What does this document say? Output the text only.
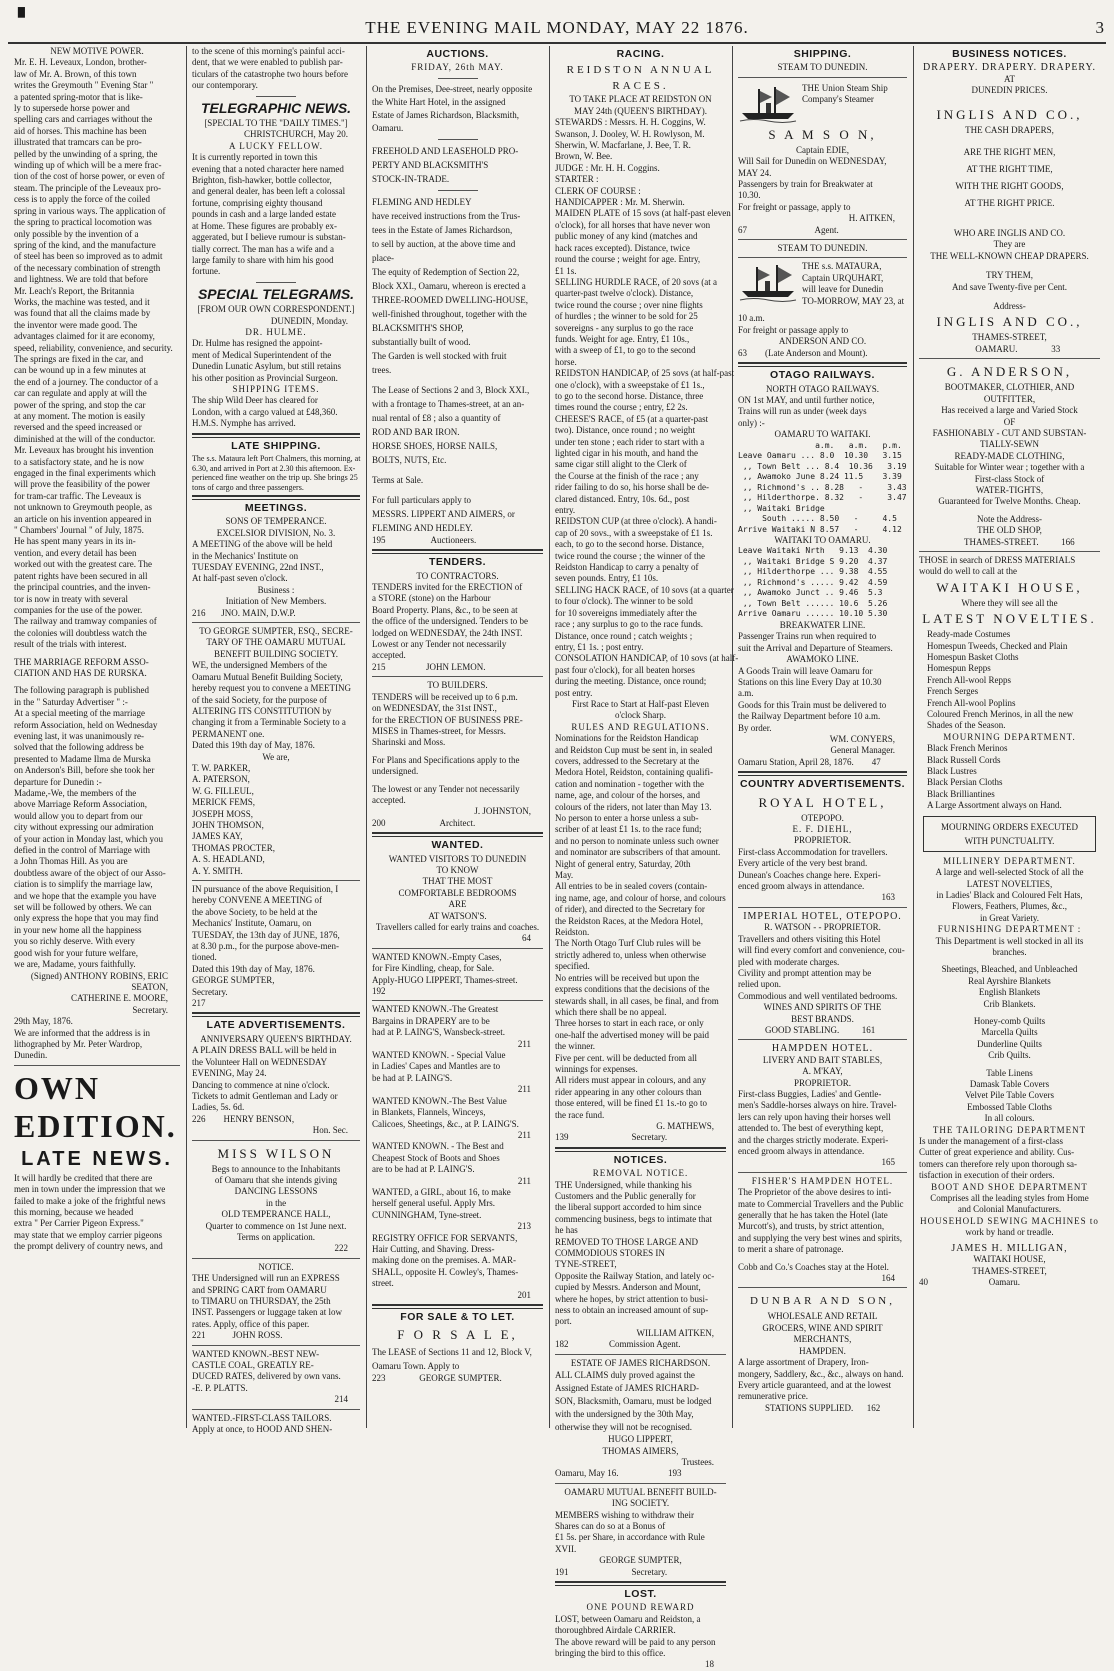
▘	THE EVENING MAIL MONDAY, MAY 22 1876.	3
NEW MOTIVE POWER.
Mr. E. H. Leveaux, London, brother-
law of Mr. A. Brown, of this town
writes the Greymouth " Evening Star "
a patented spring-motor that is like-
ly to supersede horse power and
spelling cars and carriages without the
aid of horses. This machine has been
illustrated that tramcars can be pro-
pelled by the unwinding of a spring, the
winding up of which will be a mere frac-
tion of the cost of horse power, or even of
steam. The principle of the Leveaux pro-
cess is to apply the force of the coiled
spring in various ways. The application of
the spring to practical locomotion was
only possible by the invention of a
spring of the kind, and the manufacture
of steel has been so improved as to admit
of the necessary combination of strength
and lightness. We are told that before
Mr. Leach's Report, the Britannia
Works, the machine was tested, and it
was found that all the claims made by
the inventor were made good. The
advantages claimed for it are economy,
speed, reliability, convenience, and security.
The springs are fixed in the car, and
can be wound up in a few minutes at
the end of a journey. The conductor of a
car can regulate and apply at will the
power of the spring, and stop the car
at any moment. The motion is easily
reversed and the speed increased or
diminished at the will of the conductor.
Mr. Leveaux has brought his invention
to a satisfactory state, and he is now
engaged in the final experiments which
will prove the feasibility of the power
for tram-car traffic. The Leveaux is
not unknown to Greymouth people, as
an article on his invention appeared in
" Chambers' Journal " of July, 1875.
He has spent many years in its in-
vention, and every detail has been
worked out with the greatest care. The
patent rights have been secured in all
the principal countries, and the inven-
tor is now in treaty with several
companies for the use of the power.
The railway and tramway companies of
the colonies will doubtless watch the
result of the trials with interest.
THE MARRIAGE REFORM ASSO-
CIATION AND HAS DE RURSKA.
The following paragraph is published
in the " Saturday Advertiser " :-
At a special meeting of the marriage
reform Association, held on Wednesday
evening last, it was unanimously re-
solved that the following address be
presented to Madame Ilma de Murska
on Anderson's Bill, before she took her
departure for Dunedin :-
Madame,-We, the members of the
above Marriage Reform Association,
would allow you to depart from our
city without expressing our admiration
of your action in Monday last, which you
defied in the control of Marriage with
a John Thomas Hill. As you are
doubtless aware of the object of our Asso-
ciation is to simplify the marriage law,
and we hope that the example you have
set will be followed by others. We can
only express the hope that you may find
in your new home all the happiness
you so richly deserve. With every
good wish for your future welfare,
we are, Madame, yours faithfully.
(Signed) ANTHONY ROBINS, ERIC SEATON,
CATHERINE E. MOORE,
Secretary.
29th May, 1876.
We are informed that the address is in
lithographed by Mr. Peter Wardrop,
Dunedin.
OWN EDITION.
LATE NEWS.
It will hardly be credited that there are
men in town under the impression that we
failed to make a joke of the frightful news
this morning, because we headed
extra " Per Carrier Pigeon Express."
may state that we employ carrier pigeons
the prompt delivery of country news, and
to the scene of this morning's painful acci-
dent, that we were enabled to publish par-
ticulars of the catastrophe two hours before
our contemporary.
TELEGRAPHIC NEWS.
[SPECIAL TO THE "DAILY TIMES."]
CHRISTCHURCH, May 20.
A LUCKY FELLOW.
It is currently reported in town this
evening that a noted character here named
Brighton, fish-hawker, bottle collector,
and general dealer, has been left a colossal
fortune, comprising eighty thousand
pounds in cash and a large landed estate
at Home. These figures are probably ex-
aggerated, but I believe rumour is substan-
tially correct. The man has a wife and a
large family to share with him his good
fortune.
SPECIAL TELEGRAMS.
[FROM OUR OWN CORRESPONDENT.]
DUNEDIN, Monday.
DR. HULME.
Dr. Hulme has resigned the appoint-
ment of Medical Superintendent of the
Dunedin Lunatic Asylum, but still retains
his other position as Provincial Surgeon.
SHIPPING ITEMS.
The ship Wild Deer has cleared for
London, with a cargo valued at £48,360.
H.M.S. Nymphe has arrived.
LATE SHIPPING.
The s.s. Mataura left Port Chalmers, this morning, at
6.30, and arrived in Port at 2.30 this afternoon. Ex-
perienced fine weather on the trip up. She brings 25
tons of cargo and three passengers.
MEETINGS.
SONS OF TEMPERANCE.
EXCELSIOR DIVISION, No. 3.
A MEETING of the above will be held
in the Mechanics' Institute on
TUESDAY EVENING, 22nd INST.,
At half-past seven o'clock.
Business :
Initiation of New Members.
216 JNO. MAIN, D.W.P.
TO GEORGE SUMPTER, ESQ., SECRE-
TARY OF THE OAMARU MUTUAL
BENEFIT BUILDING SOCIETY.
WE, the undersigned Members of the
Oamaru Mutual Benefit Building Society,
hereby request you to convene a MEETING
of the said Society, for the purpose of
ALTERING ITS CONSTITUTION by
changing it from a Terminable Society to a
PERMANENT one.
Dated this 19th day of May, 1876.
We are,
T. W. PARKER,
A. PATERSON,
W. G. FILLEUL,
MERICK FEMS,
JOSEPH MOSS,
JOHN THOMSON,
JAMES KAY,
THOMAS PROCTER,
A. S. HEADLAND,
A. Y. SMITH.
IN pursuance of the above Requisition, I
hereby CONVENE A MEETING of
the above Society, to be held at the
Mechanics' Institute, Oamaru, on
TUESDAY, the 13th day of JUNE, 1876,
at 8.30 p.m., for the purpose above-men-
tioned.
Dated this 19th day of May, 1876.
GEORGE SUMPTER,
Secretary.
217
LATE ADVERTISEMENTS.
ANNIVERSARY QUEEN'S BIRTHDAY.
A PLAIN DRESS BALL will be held in
the Volunteer Hall on WEDNESDAY
EVENING, May 24.
Dancing to commence at nine o'clock.
Tickets to admit Gentleman and Lady or
Ladies, 5s. 6d.
226 HENRY BENSON,
Hon. Sec.
MISS WILSON
Begs to announce to the Inhabitants
of Oamaru that she intends giving
DANCING LESSONS
in the
OLD TEMPERANCE HALL,
Quarter to commence on 1st June next.
Terms on application.
222
NOTICE.
THE Undersigned will run an EXPRESS
and SPRING CART from OAMARU
to TIMARU on THURSDAY, the 25th
INST. Passengers or luggage taken at low
rates. Apply, office of this paper.
221	JOHN ROSS.
WANTED KNOWN.-BEST NEW-
CASTLE COAL, GREATLY RE-
DUCED RATES, delivered by own vans.
-E. P. PLATTS.
214
WANTED.-FIRST-CLASS TAILORS.
Apply at once, to HOOD AND SHEN-
AUCTIONS.
FRIDAY, 26th MAY.
On the Premises, Dee-street, nearly opposite
the White Hart Hotel, in the assigned
Estate of James Richardson, Blacksmith,
Oamaru.
FREEHOLD AND LEASEHOLD PRO-
PERTY AND BLACKSMITH'S
STOCK-IN-TRADE.
FLEMING AND HEDLEY
have received instructions from the Trus-
tees in the Estate of James Richardson,
to sell by auction, at the above time and
place-
The equity of Redemption of Section 22,
Block XXI., Oamaru, whereon is erected a
THREE-ROOMED DWELLING-HOUSE,
well-finished throughout, together with the
BLACKSMITH'S SHOP,
substantially built of wood.
The Garden is well stocked with fruit
trees.
The Lease of Sections 2 and 3, Block XXI.,
with a frontage to Thames-street, at an an-
nual rental of £8 ; also a quantity of
ROD AND BAR IRON.
HORSE SHOES, HORSE NAILS,
BOLTS, NUTS, Etc.
Terms at Sale.
For full particulars apply to
MESSRS. LIPPERT AND AIMERS, or
FLEMING AND HEDLEY.
195	Auctioneers.
TENDERS.
TO CONTRACTORS.
TENDERS invited for the ERECTION of
a STORE (stone) on the Harbour
Board Property. Plans, &c., to be seen at
the office of the undersigned. Tenders to be
lodged on WEDNESDAY, the 24th INST.
Lowest or any Tender not necessarily
accepted.
215	JOHN LEMON.
TO BUILDERS.
TENDERS will be received up to 6 p.m.
on WEDNESDAY, the 31st INST.,
for the ERECTION OF BUSINESS PRE-
MISES in Thames-street, for Messrs.
Sharinski and Moss.
For Plans and Specifications apply to the
undersigned.
The lowest or any Tender not necessarily
accepted.
J. JOHNSTON,
200	Architect.
WANTED.
WANTED VISITORS TO DUNEDIN
TO KNOW
THAT THE MOST
COMFORTABLE BEDROOMS
ARE
AT WATSON'S.
Travellers called for early trains and coaches.
64
WANTED KNOWN.-Empty Cases,
for Fire Kindling, cheap, for Sale.
Apply-HUGO LIPPERT, Thames-street.
192
WANTED KNOWN.-The Greatest
Bargains in DRAPERY are to be
had at P. LAING'S, Wansbeck-street.
211
WANTED KNOWN. - Special Value
in Ladies' Capes and Mantles are to
be had at P. LAING'S.
211
WANTED KNOWN.-The Best Value
in Blankets, Flannels, Winceys,
Calicoes, Sheetings, &c., at P. LAING'S.
211
WANTED KNOWN. - The Best and
Cheapest Stock of Boots and Shoes
are to be had at P. LAING'S.
211
WANTED, a GIRL, about 16, to make
herself general useful. Apply Mrs.
CUNNINGHAM, Tyne-street.
213
REGISTRY OFFICE FOR SERVANTS,
Hair Cutting, and Shaving. Dress-
making done on the premises. A. MAR-
SHALL, opposite H. Cowley's, Thames-
street.
201
FOR SALE & TO LET.
F O R S A L E,
The LEASE of Sections 11 and 12, Block V,
Oamaru Town. Apply to
223	GEORGE SUMPTER.
RACING.
REIDSTON ANNUAL RACES.
TO TAKE PLACE AT REIDSTON ON
MAY 24th (QUEEN'S BIRTHDAY).
STEWARDS : Messrs. H. H. Coggins, W.
Swanson, J. Dooley, W. H. Rowlyson, M.
Sherwin, W. Macfarlane, J. Bee, T. R.
Brown, W. Bee.
JUDGE : Mr. H. H. Coggins.
STARTER :
CLERK OF COURSE :
HANDICAPPER : Mr. M. Sherwin.
MAIDEN PLATE of 15 sovs (at half-past eleven
o'clock), for all horses that have never won
public money of any kind (matches and
hack races excepted). Distance, twice
round the course ; weight for age. Entry,
£1 1s.
SELLING HURDLE RACE, of 20 sovs (at a
quarter-past twelve o'clock). Distance,
twice round the course ; over nine flights
of hurdles ; the winner to be sold for 25
sovereigns - any surplus to go the race
funds. Weight for age. Entry, £1 10s.,
with a sweep of £1, to go to the second
horse.
REIDSTON HANDICAP, of 25 sovs (at half-past
one o'clock), with a sweepstake of £1 1s.,
to go to the second horse. Distance, three
times round the course ; entry, £2 2s.
CHEESE'S RACE, of £5 (at a quarter-past
two). Distance, once round ; no weight
under ten stone ; each rider to start with a
lighted cigar in his mouth, and hand the
same cigar still alight to the Clerk of
the Course at the finish of the race ; any
rider failing to do so, his horse shall be de-
clared distanced. Entry, 10s. 6d., post
entry.
REIDSTON CUP (at three o'clock). A handi-
cap of 20 sovs., with a sweepstake of £1 1s.
each, to go to the second horse. Distance,
twice round the course ; the winner of the
Reidston Handicap to carry a penalty of
seven pounds. Entry, £1 10s.
SELLING HACK RACE, of 10 sovs (at a quarter
to four o'clock). The winner to be sold
for 10 sovereigns immediately after the
race ; any surplus to go to the race funds.
Distance, once round ; catch weights ;
entry, £1 1s. ; post entry.
CONSOLATION HANDICAP, of 10 sovs (at half-
past four o'clock), for all beaten horses
during the meeting. Distance, once round;
post entry.
First Race to Start at Half-past Eleven
o'clock Sharp.
RULES AND REGULATIONS.
Nominations for the Reidston Handicap
and Reidston Cup must be sent in, in sealed
covers, addressed to the Secretary at the
Medora Hotel, Reidston, containing qualifi-
cation and nomination - together with the
name, age, and colour of the horses, and
colours of the riders, not later than May 13.
No person to enter a horse unless a sub-
scriber of at least £1 1s. to the race fund;
and no person to nominate unless such owner
and nominator are subscribers of that amount.
Night of general entry, Saturday, 20th
May.
All entries to be in sealed covers (contain-
ing name, age, and colour of horse, and colours
of rider), and directed to the Secretary for
the Reidston Races, at the Medora Hotel,
Reidston.
The North Otago Turf Club rules will be
strictly adhered to, unless when otherwise
specified.
No entries will be received but upon the
express conditions that the decisions of the
stewards shall, in all cases, be final, and from
which there shall be no appeal.
Three horses to start in each race, or only
one-half the advertised money will be paid
the winner.
Five per cent. will be deducted from all
winnings for expenses.
All riders must appear in colours, and any
rider appearing in any other colours than
those entered, will be fined £1 1s.-to go to
the race fund.
G. MATHEWS,
139	Secretary.
NOTICES.
REMOVAL NOTICE.
THE Undersigned, while thanking his
Customers and the Public generally for
the liberal support accorded to him since
commencing business, begs to intimate that
he has
REMOVED TO THOSE LARGE AND
COMMODIOUS STORES IN
TYNE-STREET,
Opposite the Railway Station, and lately oc-
cupied by Messrs. Anderson and Mount,
where he hopes, by strict attention to busi-
ness to obtain an increased amount of sup-
port.
WILLIAM AITKEN,
182	Commission Agent.
ESTATE OF JAMES RICHARDSON.
ALL CLAIMS duly proved against the
Assigned Estate of JAMES RICHARD-
SON, Blacksmith, Oamaru, must be lodged
with the undersigned by the 30th May,
otherwise they will not be recognised.
HUGO LIPPERT,
THOMAS AIMERS,
Trustees.
Oamaru, May 16.	193
OAMARU MUTUAL BENEFIT BUILD-
ING SOCIETY.
MEMBERS wishing to withdraw their
Shares can do so at a Bonus of
£1 5s. per Share, in accordance with Rule
XVII.
GEORGE SUMPTER,
191	Secretary.
LOST.
ONE POUND REWARD
LOST, between Oamaru and Reidston, a
thoroughbred Airdale CARRIER.
The above reward will be paid to any person
bringing the bird to this office.
18
SHIPPING.
STEAM TO DUNEDIN.
THE Union Steam Ship
Company's Steamer
S A M S O N,
Captain EDIE,
Will Sail for Dunedin on WEDNESDAY,
MAY 24.
Passengers by train for Breakwater at
10.30.
For freight or passage, apply to
H. AITKEN,
67	Agent.
STEAM TO DUNEDIN.
THE s.s. MATAURA,
Captain URQUHART,
will leave for Dunedin
TO-MORROW, MAY 23, at
10 a.m.
For freight or passage apply to
ANDERSON AND CO.
63 (Late Anderson and Mount).
OTAGO RAILWAYS.
NORTH OTAGO RAILWAYS.
ON 1st MAY, and until further notice,
Trains will run as under (week days
only) :-
OAMARU TO WAITAKI.
a.m.   a.m.   p.m.
Leave Oamaru ... 8.0  10.30   3.15
,, Town Belt ... 8.4  10.36   3.19
,, Awamoko June 8.24 11.5    3.39
,, Richmond's .. 8.28   -     3.43
,, Hilderthorpe. 8.32   -     3.47
,, Waitaki Bridge
South ..... 8.50   -     4.5
Arrive Waitaki N 8.57   -     4.12
WAITAKI TO OAMARU.
Leave Waitaki Nrth   9.13  4.30
,, Waitaki Bridge S 9.20  4.37
,, Hilderthorpe ... 9.38  4.55
,, Richmond's ..... 9.42  4.59
,, Awamoko Junct .. 9.46  5.3
,, Town Belt ...... 10.6  5.26
Arrive Oamaru ...... 10.10 5.30
BREAKWATER LINE.
Passenger Trains run when required to
suit the Arrival and Departure of Steamers.
AWAMOKO LINE.
A Goods Train will leave Oamaru for
Stations on this line Every Day at 10.30
a.m.
Goods for this Train must be delivered to
the Railway Department before 10 a.m.
By order.
WM. CONYERS,
General Manager.
Oamaru Station, April 28, 1876. 47
COUNTRY ADVERTISEMENTS.
ROYAL HOTEL,
OTEPOPO.
E. F. DIEHL,
PROPRIETOR.
First-class Accommodation for travellers.
Every article of the very best brand.
Dunean's Coaches change here. Experi-
enced groom always in attendance.
163
IMPERIAL HOTEL, OTEPOPO.
R. WATSON - - PROPRIETOR.
Travellers and others visiting this Hotel
will find every comfort and convenience, cou-
pled with moderate charges.
Civility and prompt attention may be
relied upon.
Commodious and well ventilated bedrooms.
WINES AND SPIRITS OF THE
BEST BRANDS.
GOOD STABLING.	161
HAMPDEN HOTEL.
LIVERY AND BAIT STABLES,
A. M'KAY,
PROPRIETOR.
First-class Buggies, Ladies' and Gentle-
men's Saddle-horses always on hire. Travel-
lers can rely upon having their horses well
attended to. The best of everything kept,
and the charges strictly moderate. Experi-
enced groom always in attendance.
165
FISHER'S HAMPDEN HOTEL.
The Proprietor of the above desires to inti-
mate to Commercial Travellers and the Public
generally that he has taken the Hotel (late
Murcott's), and trusts, by strict attention,
and supplying the very best wines and spirits,
to merit a share of patronage.
Cobb and Co.'s Coaches stay at the Hotel.
164
DUNBAR AND SON,
WHOLESALE AND RETAIL
GROCERS, WINE AND SPIRIT
MERCHANTS,
HAMPDEN.
A large assortment of Drapery, Iron-
mongery, Saddlery, &c., &c., always on hand.
Every article guaranteed, and at the lowest
remunerative price.
STATIONS SUPPLIED. 162
BUSINESS NOTICES.
DRAPERY. DRAPERY. DRAPERY.
AT
DUNEDIN PRICES.
INGLIS AND CO.,
THE CASH DRAPERS,
ARE THE RIGHT MEN,
AT THE RIGHT TIME,
WITH THE RIGHT GOODS,
AT THE RIGHT PRICE.
WHO ARE INGLIS AND CO.
They are
THE WELL-KNOWN CHEAP DRAPERS.
TRY THEM,
And save Twenty-five per Cent.
Address-
INGLIS AND CO.,
THAMES-STREET,
OAMARU.	33
G. ANDERSON,
BOOTMAKER, CLOTHIER, AND
OUTFITTER,
Has received a large and Varied Stock
OF
FASHIONABLY - CUT AND SUBSTAN-
TIALLY-SEWN
READY-MADE CLOTHING,
Suitable for Winter wear ; together with a
First-class Stock of
WATER-TIGHTS,
Guaranteed for Twelve Months. Cheap.
Note the Address-
THE OLD SHOP,
THAMES-STREET.	166
THOSE in search of DRESS MATERIALS
would do well to call at the
WAITAKI HOUSE,
Where they will see all the
LATEST NOVELTIES.
Ready-made Costumes
Homespun Tweeds, Checked and Plain
Homespun Basket Cloths
Homespun Repps
French All-wool Repps
French Serges
French All-wool Poplins
Coloured French Merinos, in all the new
Shades of the Season.
MOURNING DEPARTMENT.
Black French Merinos
Black Russell Cords
Black Lustres
Black Persian Cloths
Black Brilliantines
A Large Assortment always on Hand.
MOURNING ORDERS EXECUTED
WITH PUNCTUALITY.
MILLINERY DEPARTMENT.
A large and well-selected Stock of all the
LATEST NOVELTIES,
in Ladies' Black and Coloured Felt Hats,
Flowers, Feathers, Plumes, &c.,
in Great Variety.
FURNISHING DEPARTMENT :
This Department is well stocked in all its
branches.
Sheetings, Bleached, and Unbleached
Real Ayrshire Blankets
English Blankets
Crib Blankets.
Honey-comb Quilts
Marcella Quilts
Dunderline Quilts
Crib Quilts.
Table Linens
Damask Table Covers
Velvet Pile Table Covers
Embossed Table Cloths
In all colours.
THE TAILORING DEPARTMENT
Is under the management of a first-class
Cutter of great experience and ability. Cus-
tomers can therefore rely upon thorough sa-
tisfaction in execution of their orders.
BOOT AND SHOE DEPARTMENT
Comprises all the leading styles from Home
and Colonial Manufacturers.
HOUSEHOLD SEWING MACHINES to
work by hand or treadle.
JAMES H. MILLIGAN,
WAITAKI HOUSE,
THAMES-STREET,
40	Oamaru.
